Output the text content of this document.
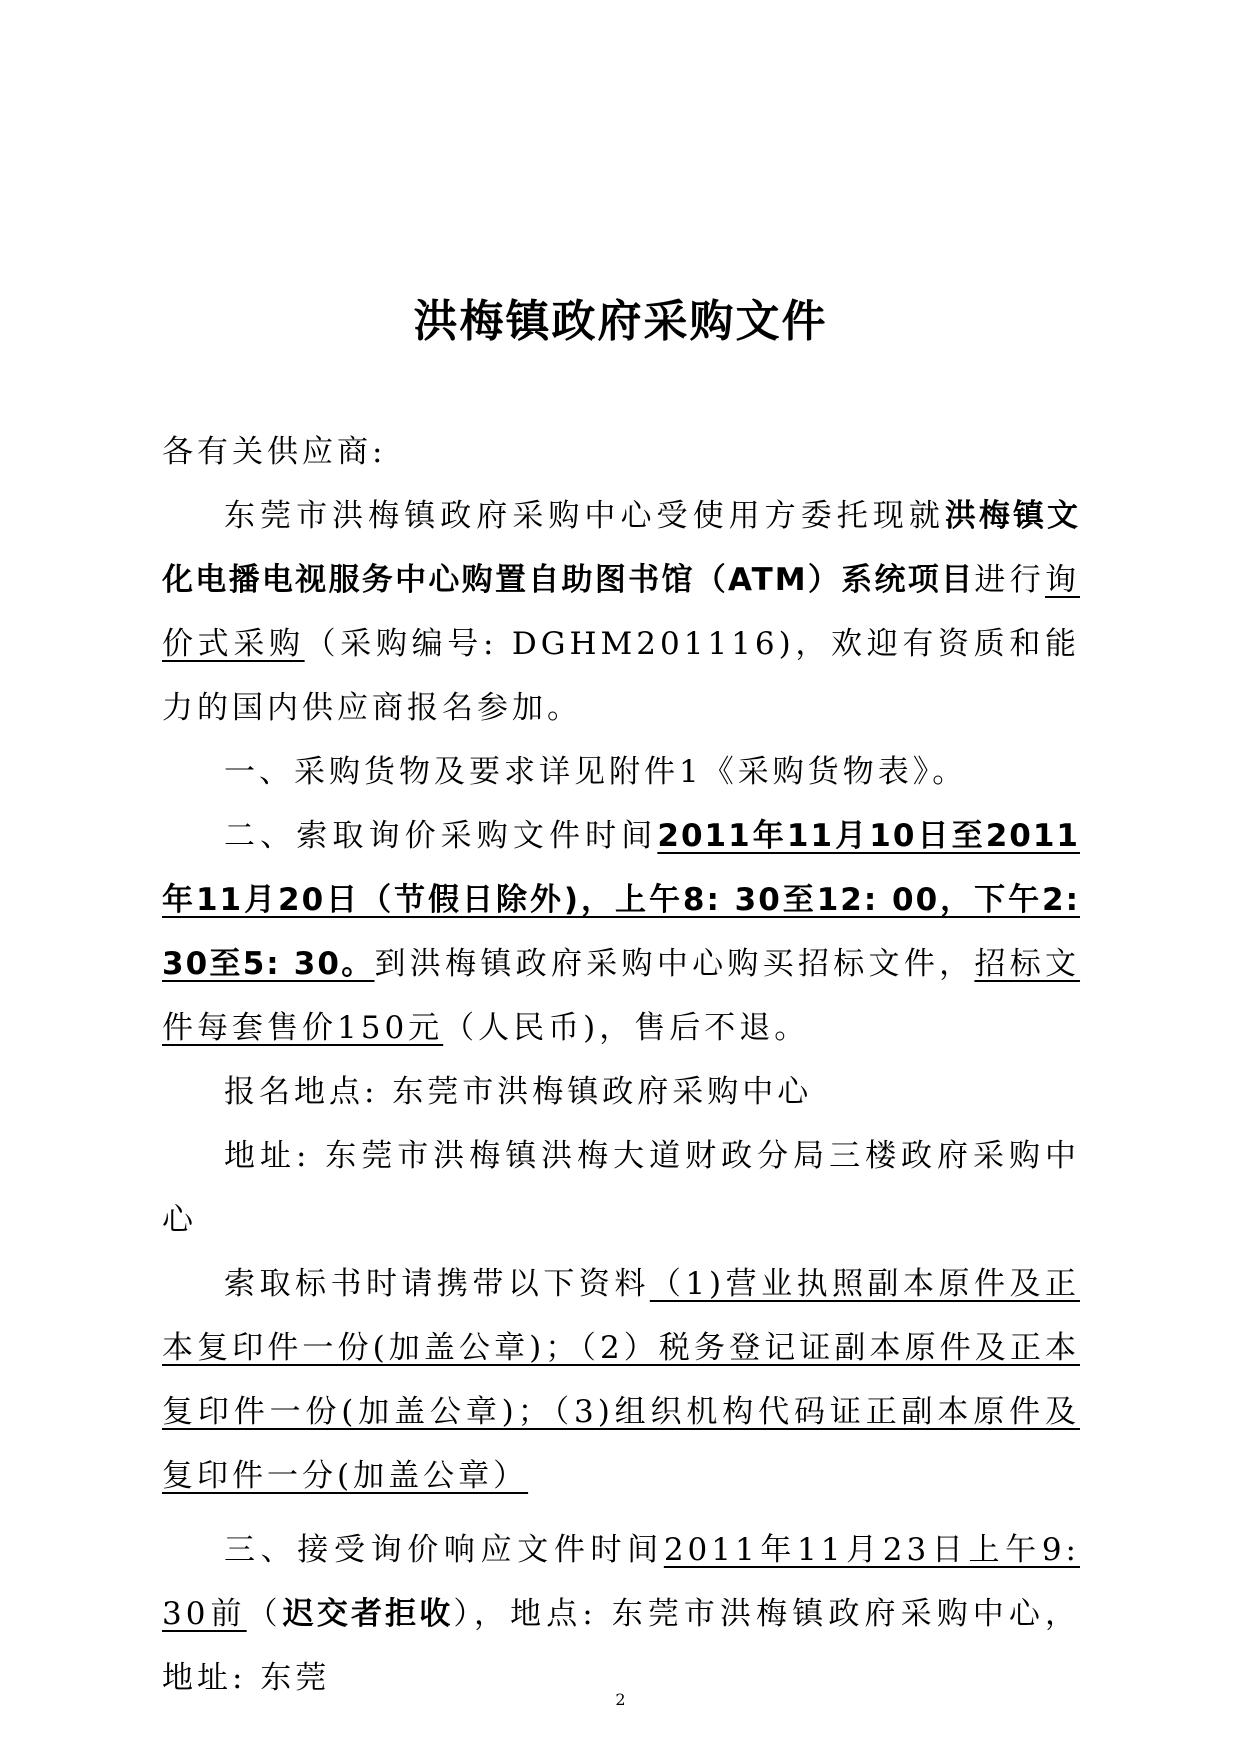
洪梅镇政府采购文件

各有关供应商:

东莞市洪梅镇政府采购中心受使用方委托现就洪梅镇文化电播电视服务中心购置自助图书馆（ATM）系统项目进行询价式采购（采购编号: DGHM201116)，欢迎有资质和能力的国内供应商报名参加。

一、采购货物及要求详见附件1《采购货物表》。

二、索取询价采购文件时间2011年11月10日至2011年11月20日（节假日除外)，上午8: 30至12: 00，下午2: 30至5: 30。到洪梅镇政府采购中心购买招标文件，招标文件每套售价150元（人民币)，售后不退。

报名地点: 东莞市洪梅镇政府采购中心

地址: 东莞市洪梅镇洪梅大道财政分局三楼政府采购中心

索取标书时请携带以下资料（1)营业执照副本原件及正本复印件一份(加盖公章)；（2）税务登记证副本原件及正本复印件一份(加盖公章)；（3)组织机构代码证正副本原件及复印件一分(加盖公章）

三、接受询价响应文件时间2011年11月23日上午9: 30前（迟交者拒收），地点: 东莞市洪梅镇政府采购中心，地址: 东莞

2
